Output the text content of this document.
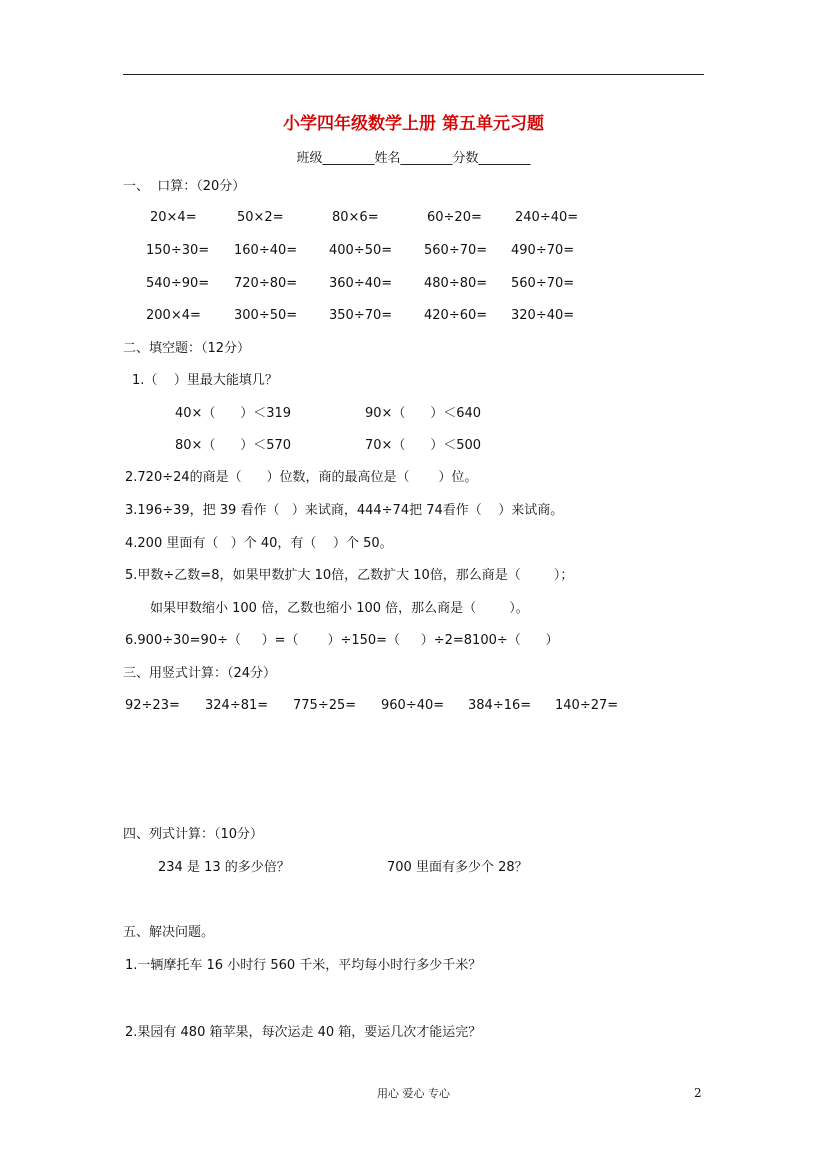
小学四年级数学上册 第五单元习题
班级________姓名________分数________
一、  口算：（20分）
20×4=	50×2=	80×6=	60÷20=	240÷40=
150÷30= 160÷40= 400÷50= 560÷70= 490÷70=
540÷90= 720÷80= 360÷40= 480÷80= 560÷70=
200×4=	300÷50= 350÷70= 420÷60= 320÷40=
二、填空题：（12分）
1.（    ）里最大能填几？
40×（      ）＜319	90×（      ）＜640
80×（      ）＜570	70×（      ）＜500
2.720÷24的商是（      ）位数，商的最高位是（       ）位。
3.196÷39，把 39 看作（   ）来试商，444÷74把 74看作（    ）来试商。
4.200 里面有（   ）个 40，有（    ）个 50。
5.甲数÷乙数=8，如果甲数扩大 10倍，乙数扩大 10倍，那么商是（        ）；
如果甲数缩小 100 倍，乙数也缩小 100 倍，那么商是（        ）。
6.900÷30=90÷（     ）=（       ）÷150=（     ）÷2=8100÷（      ）
三、用竖式计算：（24分）
92÷23= 324÷81= 775÷25= 960÷40= 384÷16= 140÷27=
四、列式计算：（10分）
234 是 13 的多少倍？	700 里面有多少个 28？
五、解决问题。
1.一辆摩托车 16 小时行 560 千米，平均每小时行多少千米？
2.果园有 480 箱苹果，每次运走 40 箱，要运几次才能运完？
用心 爱心 专心	2
